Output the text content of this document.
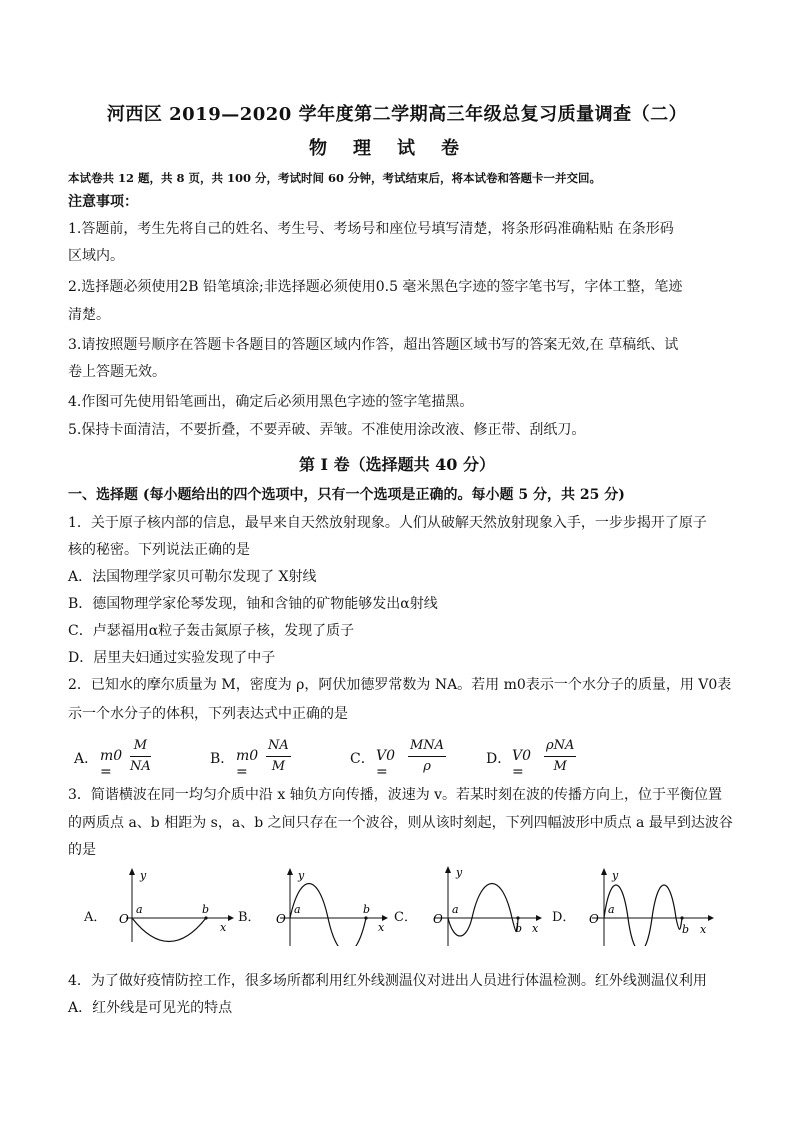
河西区 2019—2020 学年度第二学期高三年级总复习质量调查（二）
物理试卷
本试卷共 12 题，共 8 页，共 100 分，考试时间 60 分钟，考试结束后，将本试卷和答题卡一并交回。
注意事项：
1.答题前，考生先将自己的姓名、考生号、考场号和座位号填写清楚，将条形码准确粘贴 在条形码
区域内。
2.选择题必须使用2B 铅笔填涂;非选择题必须使用0.5 毫米黑色字迹的签字笔书写，字体工整，笔迹
清楚。
3.请按照题号顺序在答题卡各题目的答题区域内作答，超出答题区域书写的答案无效,在 草稿纸、试
卷上答题无效。
4.作图可先使用铅笔画出，确定后必须用黑色字迹的签字笔描黑。
5.保持卡面清洁，不要折叠，不要弄破、弄皱。不准使用涂改液、修正带、刮纸刀。
第 I 卷（选择题共 40 分）
一、选择题 (每小题给出的四个选项中，只有一个选项是正确的。每小题 5 分，共 25 分)
1．关于原子核内部的信息，最早来自天然放射现象。人们从破解天然放射现象入手，一步步揭开了原子
核的秘密。下列说法正确的是
A．法国物理学家贝可勒尔发现了 X射线
B．德国物理学家伦琴发现，铀和含铀的矿物能够发出α射线
C．卢瑟福用α粒子轰击氮原子核，发现了质子
D．居里夫妇通过实验发现了中子
2．已知水的摩尔质量为 M，密度为 ρ，阿伏加德罗常数为 NA。若用 m0表示一个水分子的质量，用 V0表
示一个水分子的体积，下列表达式中正确的是
A． m0 =	$\frac{M}{NA}$	B． m0 =	$\frac{NA}{M}$	C． V0 =
MNA
ρ	D． V0 =
ρNA
M
3．简谐横波在同一均匀介质中沿 x 轴负方向传播，波速为 v。若某时刻在波的传播方向上，位于平衡位置
的两质点 a、b 相距为 s，a、b 之间只存在一个波谷，则从该时刻起，下列四幅波形中质点 a 最早到达波谷
的是
A．	B．	C．	D．
y
O
a	b
x
y
O
a	b
x
y
O
a
b x
y
O
a
b x
4．为了做好疫情防控工作，很多场所都利用红外线测温仪对进出人员进行体温检测。红外线测温仪利用
A．红外线是可见光的特点
